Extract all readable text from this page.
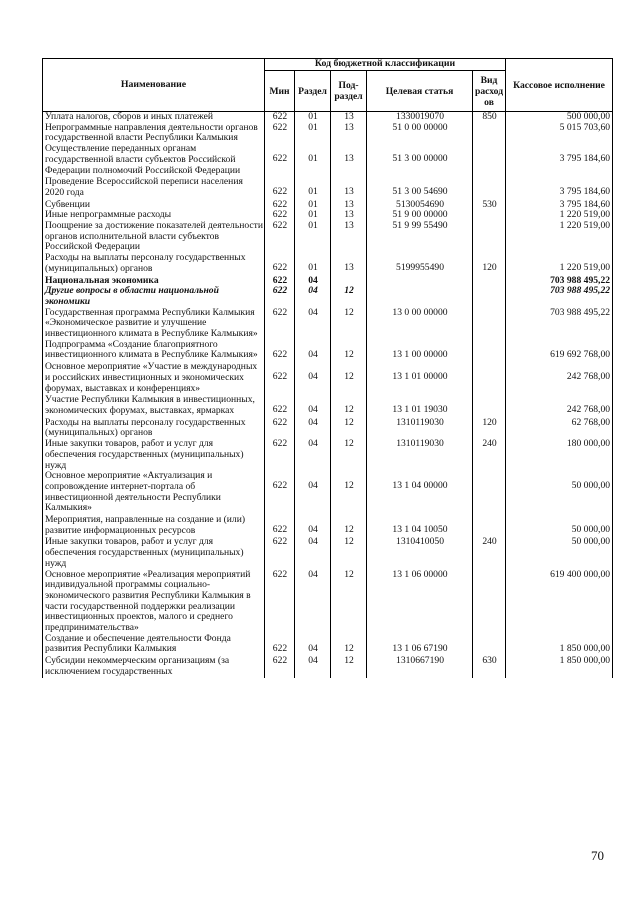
Наименование	Код бюджетной классификации					Кассовое исполнение
	Мин	Раздел	Под-раздел	Целевая статья	Вид расход ов	
Уплата налогов, сборов и иных платежей	622	01	13	1330019070	850	500 000,00
Непрограммные направления деятельности органов государственной власти Республики Калмыкия	622	01	13	51 0 00 00000		5 015 703,60
Осуществление переданных органам государственной власти субъектов Российской Федерации полномочий Российской Федерации	622	01	13	51 3 00 00000		3 795 184,60
Проведение Всероссийской переписи населения 2020 года	622	01	13	51 3 00 54690		3 795 184,60
Субвенции	622	01	13	5130054690	530	3 795 184,60
Иные непрограммные расходы	622	01	13	51 9 00 00000		1 220 519,00
Поощрение за достижение показателей деятельности органов исполнительной власти субъектов Российской Федерации	622	01	13	51 9 99 55490		1 220 519,00
Расходы на выплаты персоналу государственных (муниципальных) органов	622	01	13	5199955490	120	1 220 519,00
Национальная экономика	622	04				703 988 495,22
Другие вопросы в области национальной экономики	622	04	12			703 988 495,22
Государственная программа Республики Калмыкия «Экономическое развитие и улучшение инвестиционного климата в Республике Калмыкия»	622	04	12	13 0 00 00000		703 988 495,22
Подпрограмма «Создание благоприятного инвестиционного климата в Республике Калмыкия»	622	04	12	13 1 00 00000		619 692 768,00
Основное мероприятие «Участие в международных и российских инвестиционных и экономических форумах, выставках и конференциях»	622	04	12	13 1 01 00000		242 768,00
Участие Республики Калмыкия в инвестиционных, экономических форумах, выставках, ярмарках	622	04	12	13 1 01 19030		242 768,00
Расходы на выплаты персоналу государственных (муниципальных) органов	622	04	12	1310119030	120	62 768,00
Иные закупки товаров, работ и услуг для обеспечения государственных (муниципальных) нужд	622	04	12	1310119030	240	180 000,00
Основное мероприятие «Актуализация и сопровождение интернет-портала об инвестиционной деятельности Республики Калмыкия»	622	04	12	13 1 04 00000		50 000,00
Мероприятия, направленные на создание и (или) развитие информационных ресурсов	622	04	12	13 1 04 10050		50 000,00
Иные закупки товаров, работ и услуг для обеспечения государственных (муниципальных) нужд	622	04	12	1310410050	240	50 000,00
Основное мероприятие «Реализация мероприятий индивидуальной программы социально-экономического развития Республики Калмыкия в части государственной поддержки реализации инвестиционных проектов, малого и среднего предпринимательства»	622	04	12	13 1 06 00000		619 400 000,00
Создание и обеспечение деятельности Фонда развития Республики Калмыкия	622	04	12	13 1 06 67190		1 850 000,00
Субсидии некоммерческим организациям (за исключением государственных	622	04	12	1310667190	630	1 850 000,00
70
